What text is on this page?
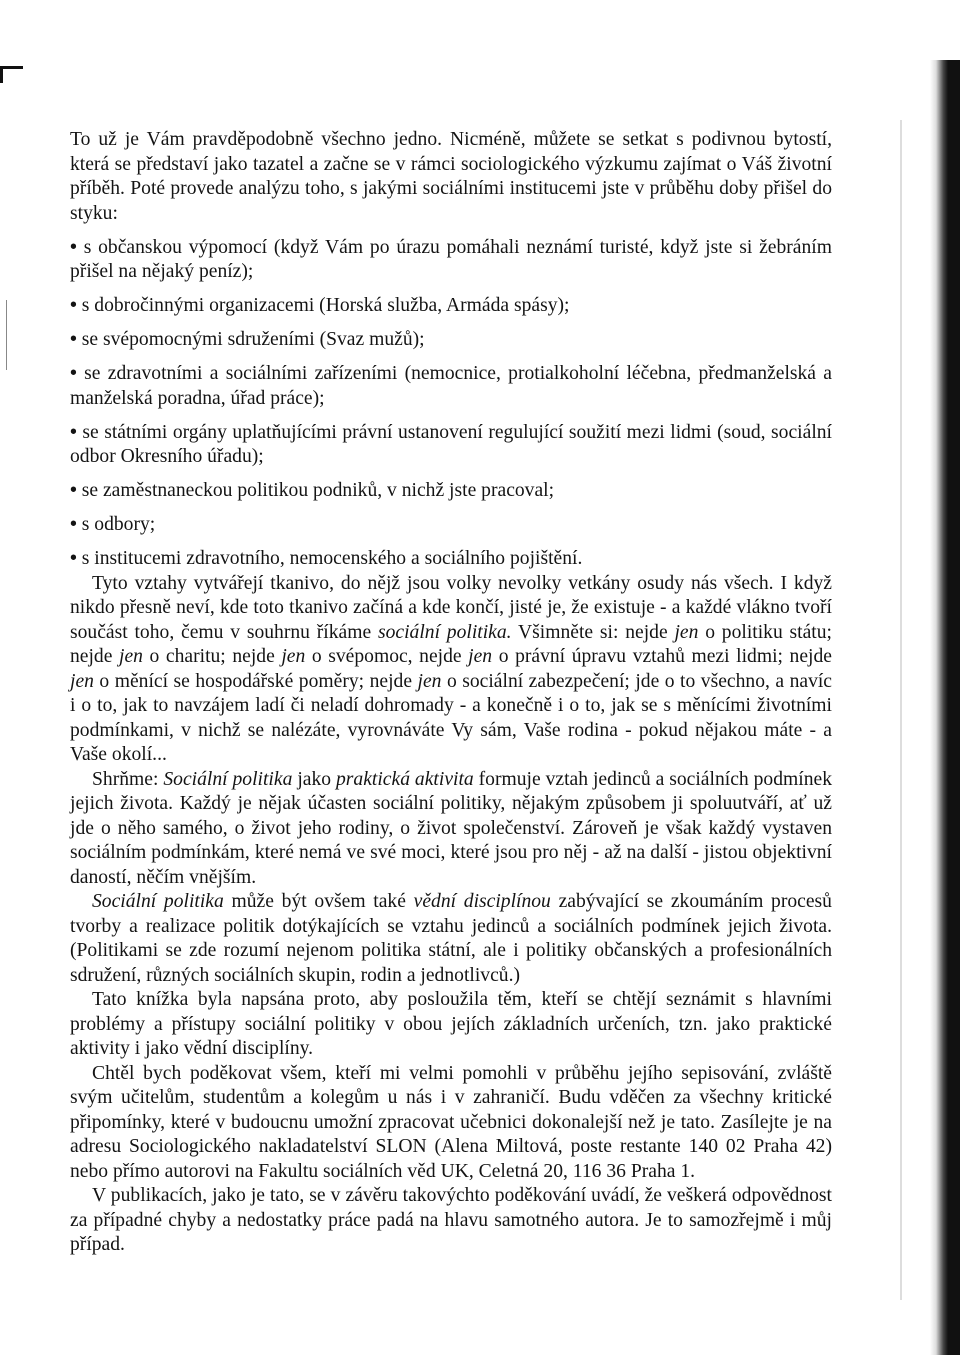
To už je Vám pravděpodobně všechno jedno. Nicméně, můžete se setkat s podivnou bytostí, která se představí jako tazatel a začne se v rámci sociologického výzkumu zajímat o Váš životní příběh. Poté provede analýzu toho, s jakými sociálními institucemi jste v průběhu doby přišel do styku:

• s občanskou výpomocí (když Vám po úrazu pomáhali neznámí turisté, když jste si žebráním přišel na nějaký peníz);
• s dobročinnými organizacemi (Horská služba, Armáda spásy);
• se svépomocnými sdruženími (Svaz mužů);
• se zdravotními a sociálními zařízeními (nemocnice, protialkoholní léčebna, předmanželská a manželská poradna, úřad práce);
• se státními orgány uplatňujícími právní ustanovení regulující soužití mezi lidmi (soud, sociální odbor Okresního úřadu);
• se zaměstnaneckou politikou podniků, v nichž jste pracoval;
• s odbory;
• s institucemi zdravotního, nemocenského a sociálního pojištění.

Tyto vztahy vytvářejí tkanivo, do nějž jsou volky nevolky vetkány osudy nás všech. I když nikdo přesně neví, kde toto tkanivo začíná a kde končí, jisté je, že existuje - a každé vlákno tvoří součást toho, čemu v souhrnu říkáme sociální politika. Všimněte si: nejde jen o politiku státu; nejde jen o charitu; nejde jen o svépomoc, nejde jen o právní úpravu vztahů mezi lidmi; nejde jen o měnící se hospodářské poměry; nejde jen o sociální zabezpečení; jde o to všechno, a navíc i o to, jak to navzájem ladí či neladí dohromady - a konečně i o to, jak se s měnícími životními podmínkami, v nichž se nalézáte, vyrovnáváte Vy sám, Vaše rodina - pokud nějakou máte - a Vaše okolí...

Shrňme: Sociální politika jako praktická aktivita formuje vztah jedinců a sociálních podmínek jejich života. Každý je nějak účasten sociální politiky, nějakým způsobem ji spoluutváří, ať už jde o něho samého, o život jeho rodiny, o život společenství. Zároveň je však každý vystaven sociálním podmínkám, které nemá ve své moci, které jsou pro něj - až na další - jistou objektivní daností, něčím vnějším.

Sociální politika může být ovšem také vědní disciplínou zabývající se zkoumáním procesů tvorby a realizace politik dotýkajících se vztahu jedinců a sociálních podmínek jejich života. (Politikami se zde rozumí nejenom politika státní, ale i politiky občanských a profesionálních sdružení, různých sociálních skupin, rodin a jednotlivců.)

Tato knížka byla napsána proto, aby posloužila těm, kteří se chtějí seznámit s hlavními problémy a přístupy sociální politiky v obou jejích základních určeních, tzn. jako praktické aktivity i jako vědní disciplíny.

Chtěl bych poděkovat všem, kteří mi velmi pomohli v průběhu jejího sepisování, zvláště svým učitelům, studentům a kolegům u nás i v zahraničí. Budu vděčen za všechny kritické připomínky, které v budoucnu umožní zpracovat učebnici dokonalejší než je tato. Zasílejte je na adresu Sociologického nakladatelství SLON (Alena Miltová, poste restante 140 02 Praha 42) nebo přímo autorovi na Fakultu sociálních věd UK, Celetná 20, 116 36 Praha 1.

V publikacích, jako je tato, se v závěru takovýchto poděkování uvádí, že veškerá odpovědnost za případné chyby a nedostatky práce padá na hlavu samotného autora. Je to samozřejmě i můj případ.
